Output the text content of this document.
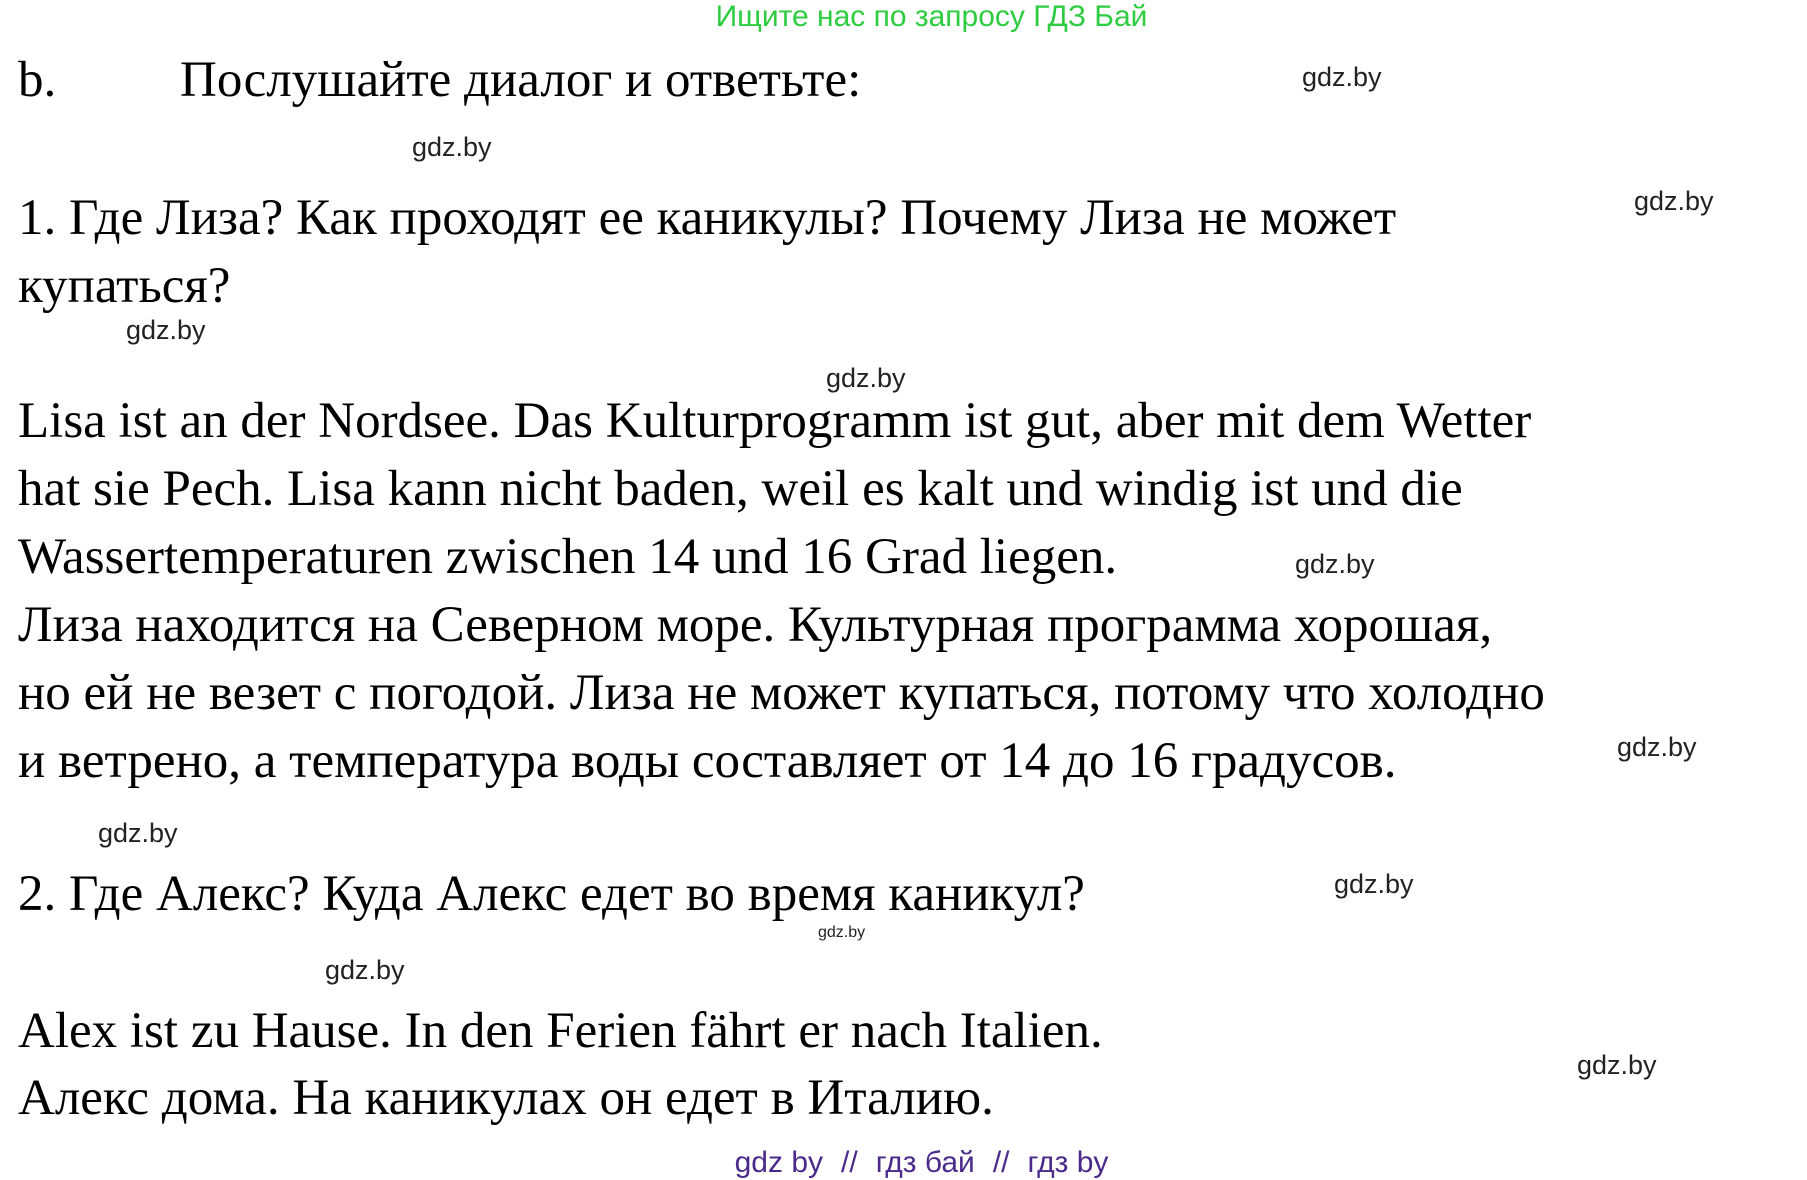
Ищите нас по запросу ГДЗ Бай
b. Послушайте диалог и ответьте:
1. Где Лиза? Как проходят ее каникулы? Почему Лиза не может
купаться?
Lisa ist an der Nordsee. Das Kulturprogramm ist gut, aber mit dem Wetter
hat sie Pech. Lisa kann nicht baden, weil es kalt und windig ist und die
Wassertemperaturen zwischen 14 und 16 Grad liegen.
Лиза находится на Северном море. Культурная программа хорошая,
но ей не везет с погодой. Лиза не может купаться, потому что холодно
и ветрено, а температура воды составляет от 14 до 16 градусов.
2. Где Алекс? Куда Алекс едет во время каникул?
Alex ist zu Hause. In den Ferien fährt er nach Italien.
Алекс дома. На каникулах он едет в Италию.
gdz.by
gdz.by
gdz.by
gdz.by
gdz.by
gdz.by
gdz.by
gdz.by
gdz.by
gdz.by
gdz.by
gdz.by
gdz by // гдз бай // гдз by
